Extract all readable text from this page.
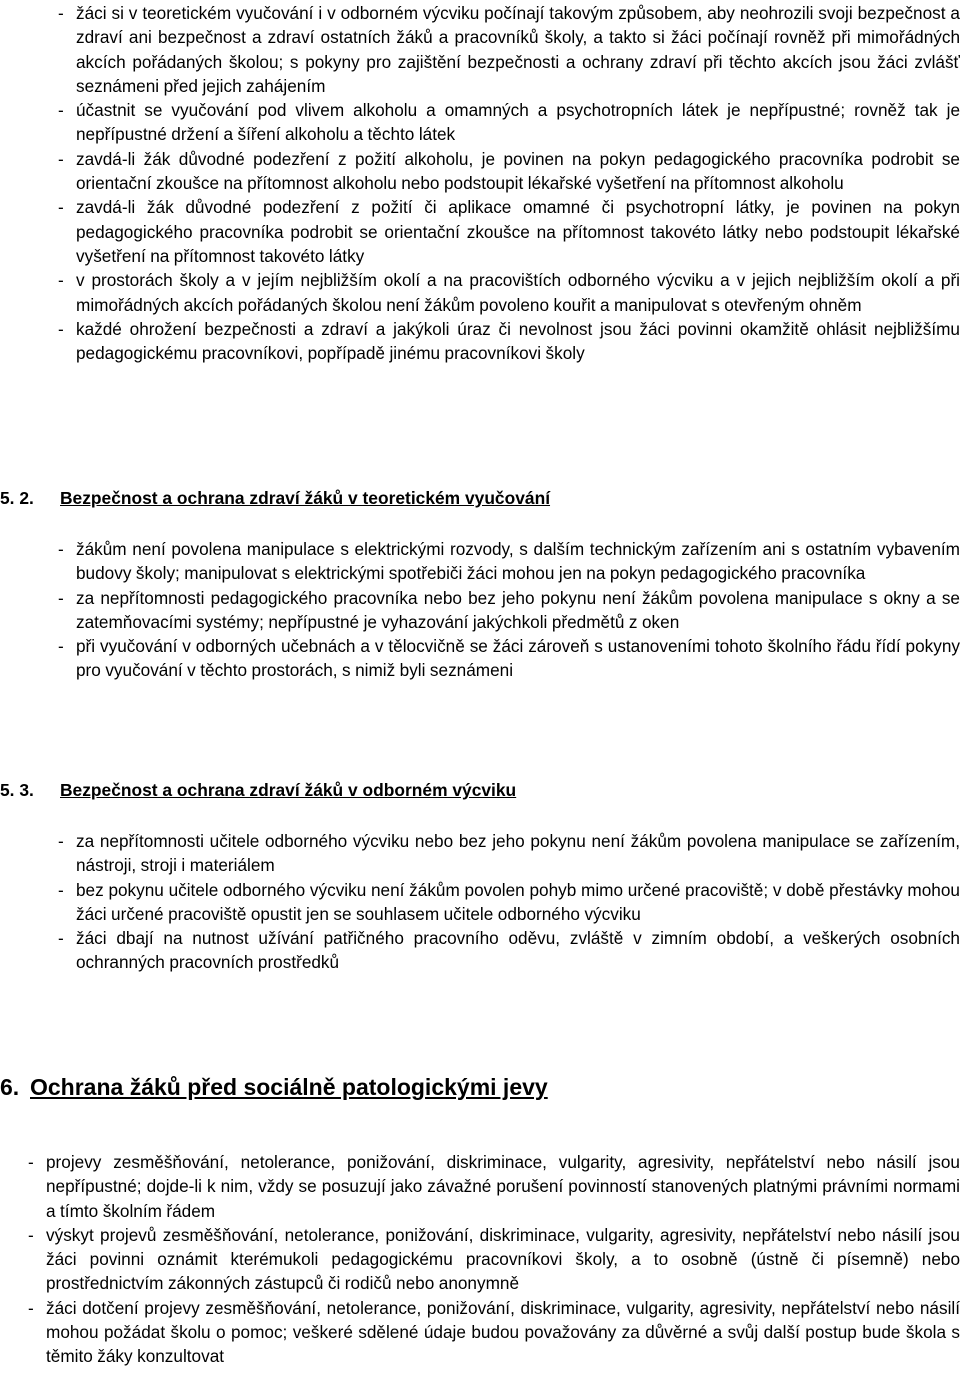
- žáci si v teoretickém vyučování i v odborném výcviku počínají takovým způsobem, aby neohrozili svoji bezpečnost a zdraví ani bezpečnost a zdraví ostatních žáků a pracovníků školy, a takto si žáci počínají rovněž při mimořádných akcích pořádaných školou; s pokyny pro zajištění bezpečnosti a ochrany zdraví při těchto akcích jsou žáci zvlášť seznámeni před jejich zahájením
- účastnit se vyučování pod vlivem alkoholu a omamných a psychotropních látek je nepřípustné; rovněž tak je nepřípustné držení a šíření alkoholu a těchto látek
- zavdá-li žák důvodné podezření z požití alkoholu, je povinen na pokyn pedagogického pracovníka podrobit se orientační zkoušce na přítomnost alkoholu nebo podstoupit lékařské vyšetření na přítomnost alkoholu
- zavdá-li žák důvodné podezření z požití či aplikace omamné či psychotropní látky, je povinen na pokyn pedagogického pracovníka podrobit se orientační zkoušce na přítomnost takovéto látky nebo podstoupit lékařské vyšetření na přítomnost takovéto látky
- v prostorách školy a v jejím nejbližším okolí a na pracovištích odborného výcviku a v jejich nejbližším okolí a při mimořádných akcích pořádaných školou není žákům povoleno kouřit a manipulovat s otevřeným ohněm
- každé ohrožení bezpečnosti a zdraví a jakýkoli úraz či nevolnost jsou žáci povinni okamžitě ohlásit nejbližšímu pedagogickému pracovníkovi, popřípadě jinému pracovníkovi školy
5. 2. Bezpečnost a ochrana zdraví žáků v teoretickém vyučování
- žákům není povolena manipulace s elektrickými rozvody, s dalším technickým zařízením ani s ostatním vybavením budovy školy; manipulovat s elektrickými spotřebiči žáci mohou jen na pokyn pedagogického pracovníka
- za nepřítomnosti pedagogického pracovníka nebo bez jeho pokynu není žákům povolena manipulace s okny a se zatemňovacími systémy; nepřípustné je vyhazování jakýchkoli předmětů z oken
- při vyučování v odborných učebnách a v tělocvičně se žáci zároveň s ustanoveními tohoto školního řádu řídí pokyny pro vyučování v těchto prostorách, s nimiž byli seznámeni
5. 3. Bezpečnost a ochrana zdraví žáků v odborném výcviku
- za nepřítomnosti učitele odborného výcviku nebo bez jeho pokynu není žákům povolena manipulace se zařízením, nástroji, stroji i materiálem
- bez pokynu učitele odborného výcviku není žákům povolen pohyb mimo určené pracoviště; v době přestávky mohou žáci určené pracoviště opustit jen se souhlasem učitele odborného výcviku
- žáci dbají na nutnost užívání patřičného pracovního oděvu, zvláště v zimním období, a veškerých osobních ochranných pracovních prostředků
6. Ochrana žáků před sociálně patologickými jevy
- projevy zesměšňování, netolerance, ponižování, diskriminace, vulgarity, agresivity, nepřátelství nebo násilí jsou nepřípustné; dojde-li k nim, vždy se posuzují jako závažné porušení povinností stanovených platnými právními normami a tímto školním řádem
- výskyt projevů zesměšňování, netolerance, ponižování, diskriminace, vulgarity, agresivity, nepřátelství nebo násilí jsou žáci povinni oznámit kterémukoli pedagogickému pracovníkovi školy, a to osobně (ústně či písemně) nebo prostřednictvím zákonných zástupců či rodičů nebo anonymně
- žáci dotčení projevy zesměšňování, netolerance, ponižování, diskriminace, vulgarity, agresivity, nepřátelství nebo násilí mohou požádat školu o pomoc; veškeré sdělené údaje budou považovány za důvěrné a svůj další postup bude škola s těmito žáky konzultovat
